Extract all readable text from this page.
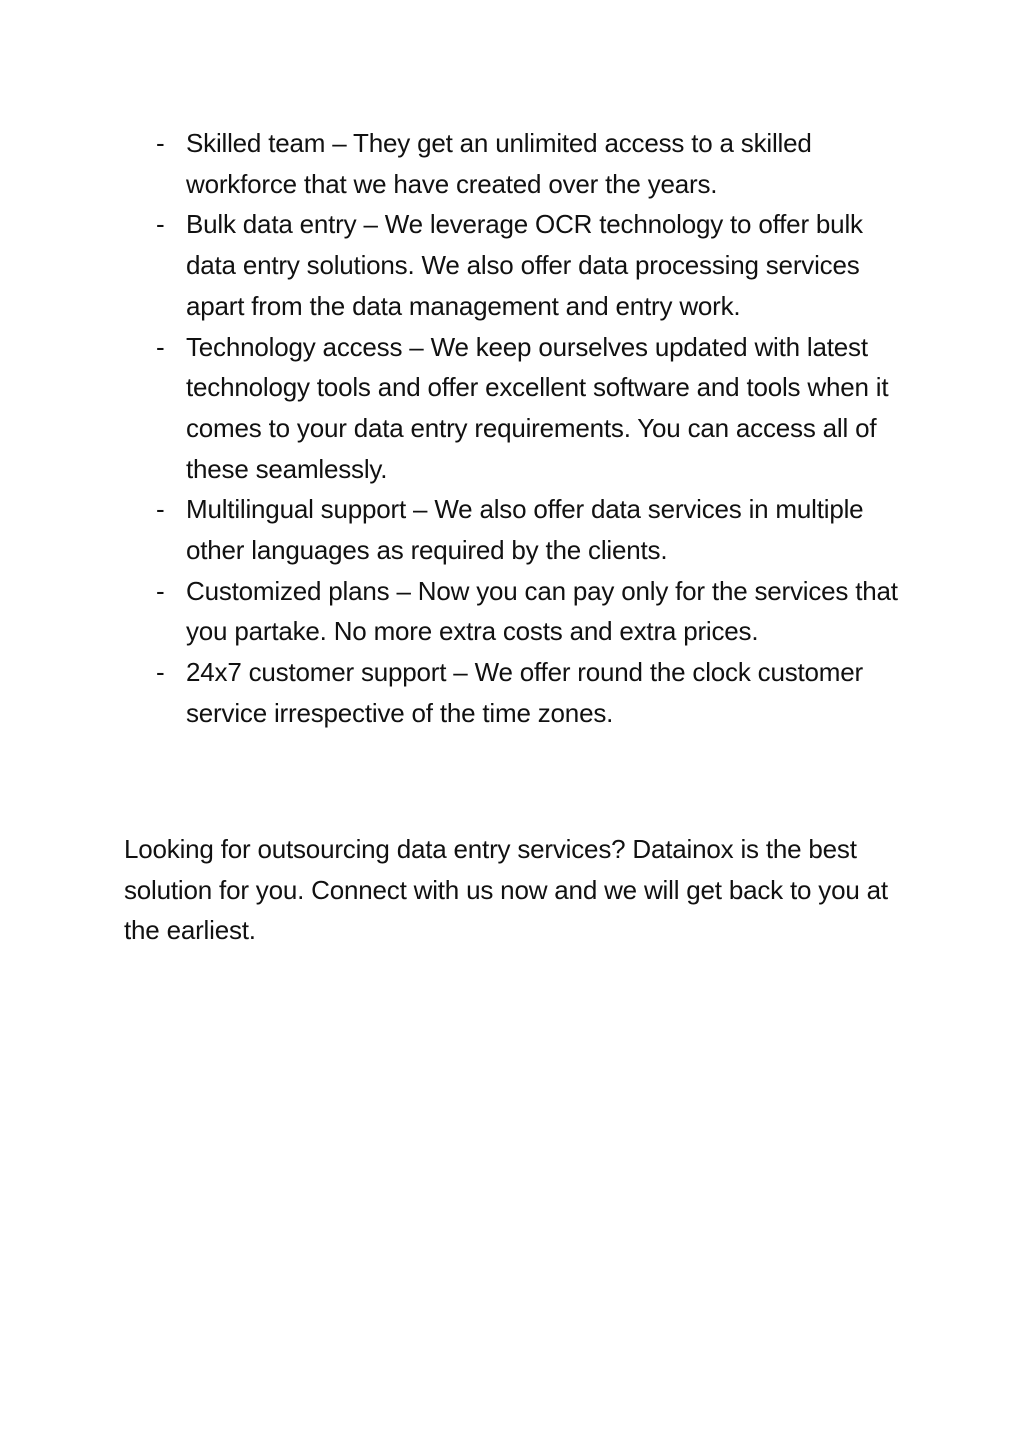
- Skilled team – They get an unlimited access to a skilled workforce that we have created over the years.
- Bulk data entry – We leverage OCR technology to offer bulk data entry solutions. We also offer data processing services apart from the data management and entry work.
- Technology access – We keep ourselves updated with latest technology tools and offer excellent software and tools when it comes to your data entry requirements. You can access all of these seamlessly.
- Multilingual support – We also offer data services in multiple other languages as required by the clients.
- Customized plans – Now you can pay only for the services that you partake. No more extra costs and extra prices.
- 24x7 customer support – We offer round the clock customer service irrespective of the time zones.

Looking for outsourcing data entry services? Datainox is the best solution for you. Connect with us now and we will get back to you at the earliest.
